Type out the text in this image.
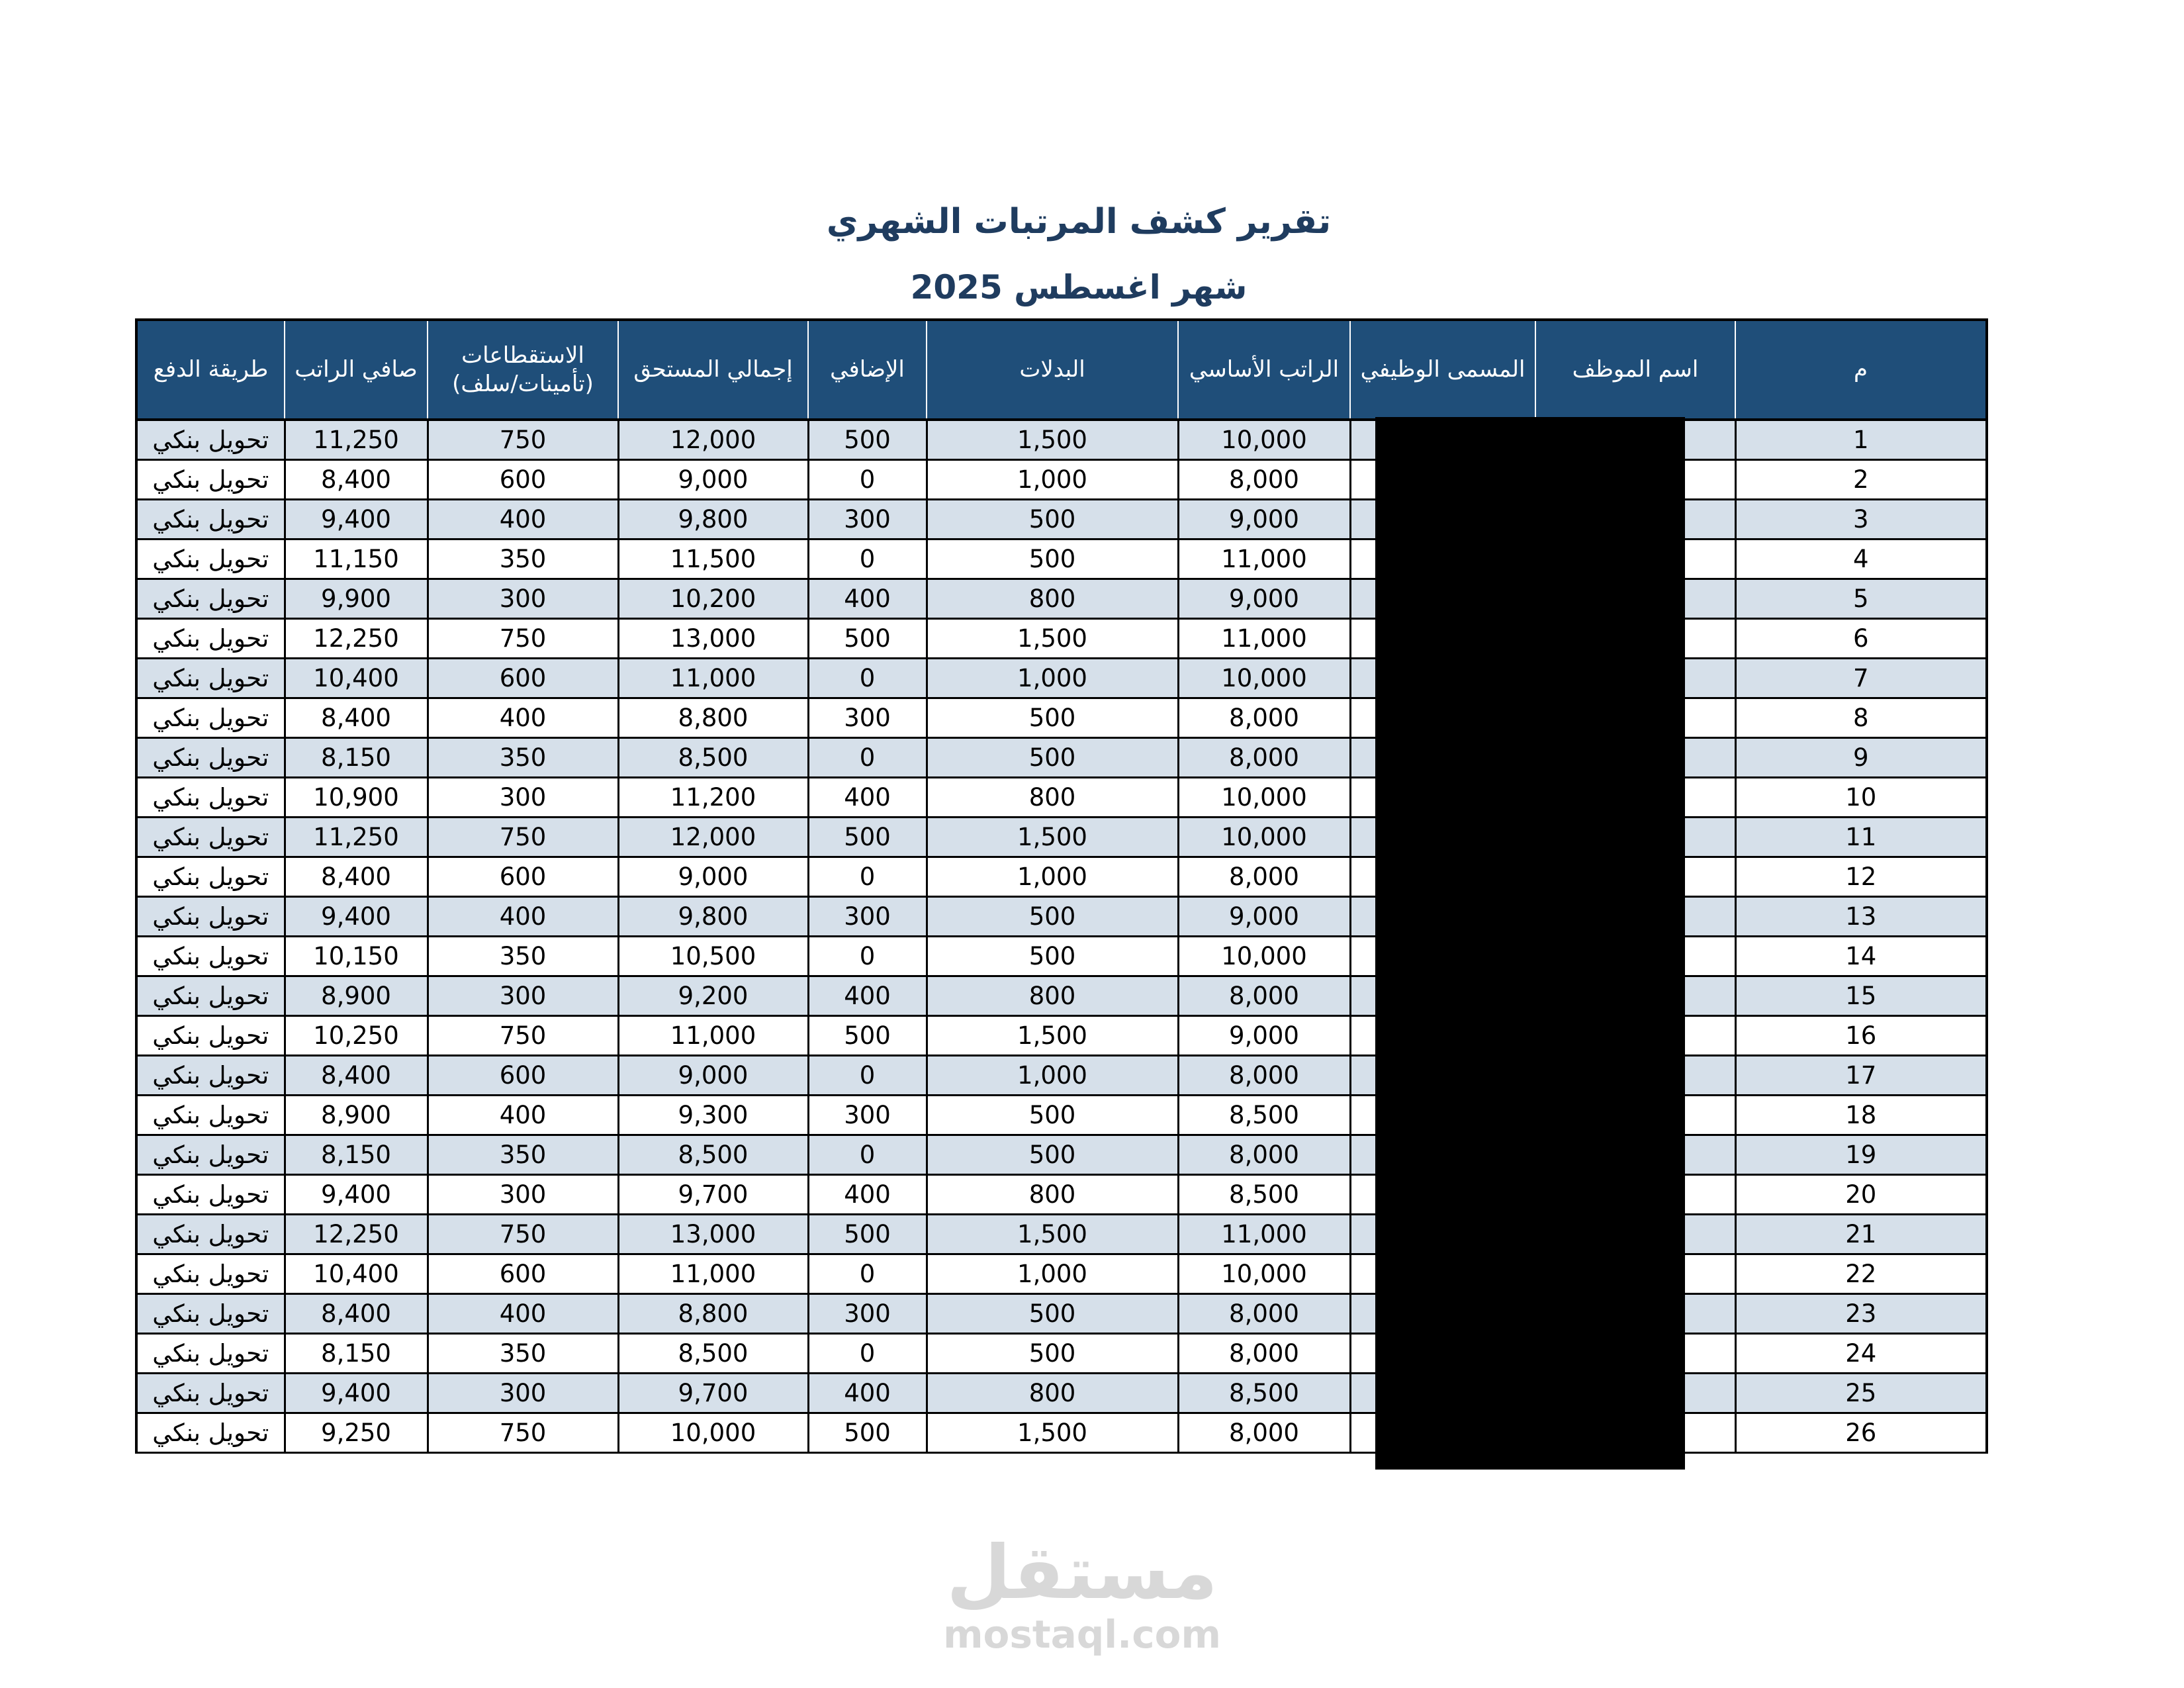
تقرير كشف المرتبات الشهري
شهر اغسطس 2025
طريقة الدفع	صافي الراتب	الاستقطاعات (تأمينات/سلف)	إجمالي المستحق	الإضافي	البدلات	الراتب الأساسي	المسمى الوظيفي	اسم الموظف	م
تحويل بنكي	11,250	750	12,000	500	1,500	10,000			1
تحويل بنكي	8,400	600	9,000	0	1,000	8,000			2
تحويل بنكي	9,400	400	9,800	300	500	9,000			3
تحويل بنكي	11,150	350	11,500	0	500	11,000			4
تحويل بنكي	9,900	300	10,200	400	800	9,000			5
تحويل بنكي	12,250	750	13,000	500	1,500	11,000			6
تحويل بنكي	10,400	600	11,000	0	1,000	10,000			7
تحويل بنكي	8,400	400	8,800	300	500	8,000			8
تحويل بنكي	8,150	350	8,500	0	500	8,000			9
تحويل بنكي	10,900	300	11,200	400	800	10,000			10
تحويل بنكي	11,250	750	12,000	500	1,500	10,000			11
تحويل بنكي	8,400	600	9,000	0	1,000	8,000			12
تحويل بنكي	9,400	400	9,800	300	500	9,000			13
تحويل بنكي	10,150	350	10,500	0	500	10,000			14
تحويل بنكي	8,900	300	9,200	400	800	8,000			15
تحويل بنكي	10,250	750	11,000	500	1,500	9,000			16
تحويل بنكي	8,400	600	9,000	0	1,000	8,000			17
تحويل بنكي	8,900	400	9,300	300	500	8,500			18
تحويل بنكي	8,150	350	8,500	0	500	8,000			19
تحويل بنكي	9,400	300	9,700	400	800	8,500			20
تحويل بنكي	12,250	750	13,000	500	1,500	11,000			21
تحويل بنكي	10,400	600	11,000	0	1,000	10,000			22
تحويل بنكي	8,400	400	8,800	300	500	8,000			23
تحويل بنكي	8,150	350	8,500	0	500	8,000			24
تحويل بنكي	9,400	300	9,700	400	800	8,500			25
تحويل بنكي	9,250	750	10,000	500	1,500	8,000			26
مستقل
mostaql.com
